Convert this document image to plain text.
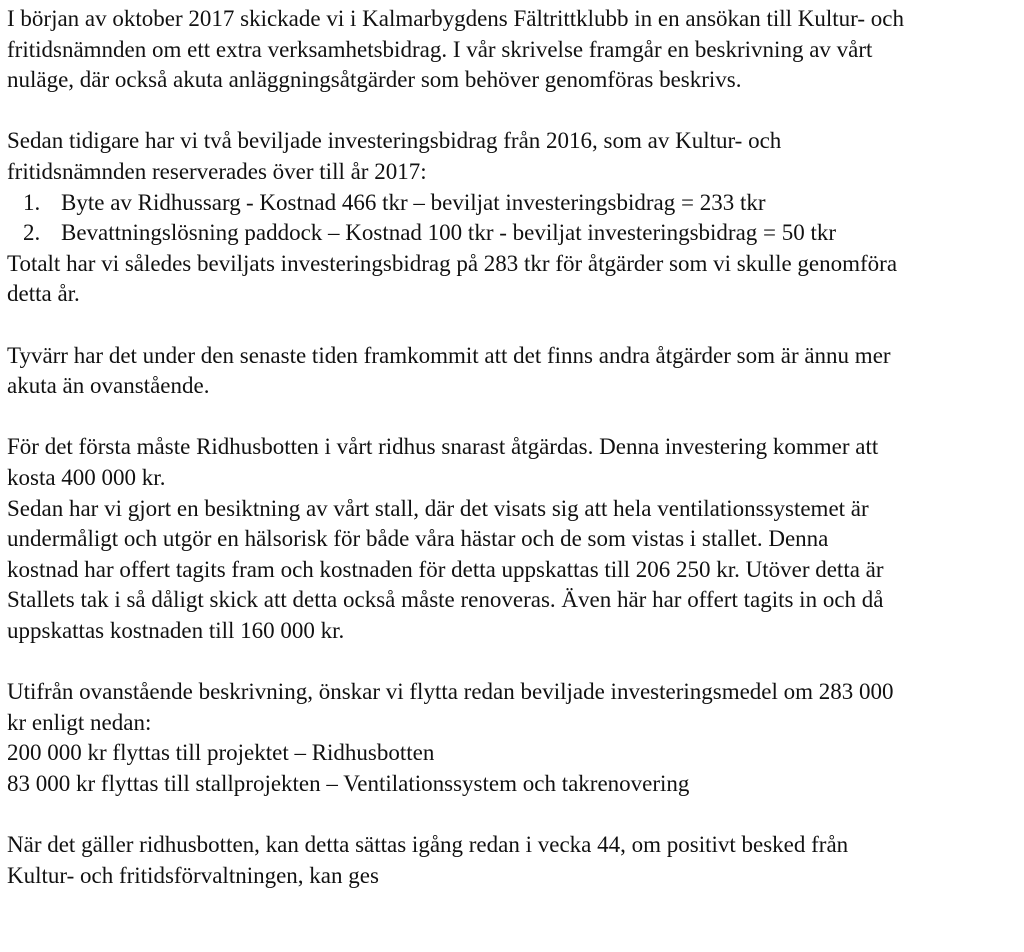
I början av oktober 2017 skickade vi i Kalmarbygdens Fältrittklubb in en ansökan till Kultur- och
fritidsnämnden om ett extra verksamhetsbidrag. I vår skrivelse framgår en beskrivning av vårt
nuläge, där också akuta anläggningsåtgärder som behöver genomföras beskrivs.

Sedan tidigare har vi två beviljade investeringsbidrag från 2016, som av Kultur- och
fritidsnämnden reserverades över till år 2017:

1. Byte av Ridhussarg - Kostnad 466 tkr – beviljat investeringsbidrag = 233 tkr
2. Bevattningslösning paddock – Kostnad 100 tkr - beviljat investeringsbidrag = 50 tkr

Totalt har vi således beviljats investeringsbidrag på 283 tkr för åtgärder som vi skulle genomföra
detta år.

Tyvärr har det under den senaste tiden framkommit att det finns andra åtgärder som är ännu mer
akuta än ovanstående.

För det första måste Ridhusbotten i vårt ridhus snarast åtgärdas. Denna investering kommer att
kosta 400 000 kr.
Sedan har vi gjort en besiktning av vårt stall, där det visats sig att hela ventilationssystemet är
undermåligt och utgör en hälsorisk för både våra hästar och de som vistas i stallet. Denna
kostnad har offert tagits fram och kostnaden för detta uppskattas till 206 250 kr. Utöver detta är
Stallets tak i så dåligt skick att detta också måste renoveras. Även här har offert tagits in och då
uppskattas kostnaden till 160 000 kr.

Utifrån ovanstående beskrivning, önskar vi flytta redan beviljade investeringsmedel om 283 000
kr enligt nedan:
200 000 kr flyttas till projektet – Ridhusbotten
83 000 kr flyttas till stallprojekten – Ventilationssystem och takrenovering

När det gäller ridhusbotten, kan detta sättas igång redan i vecka 44, om positivt besked från
Kultur- och fritidsförvaltningen, kan ges
